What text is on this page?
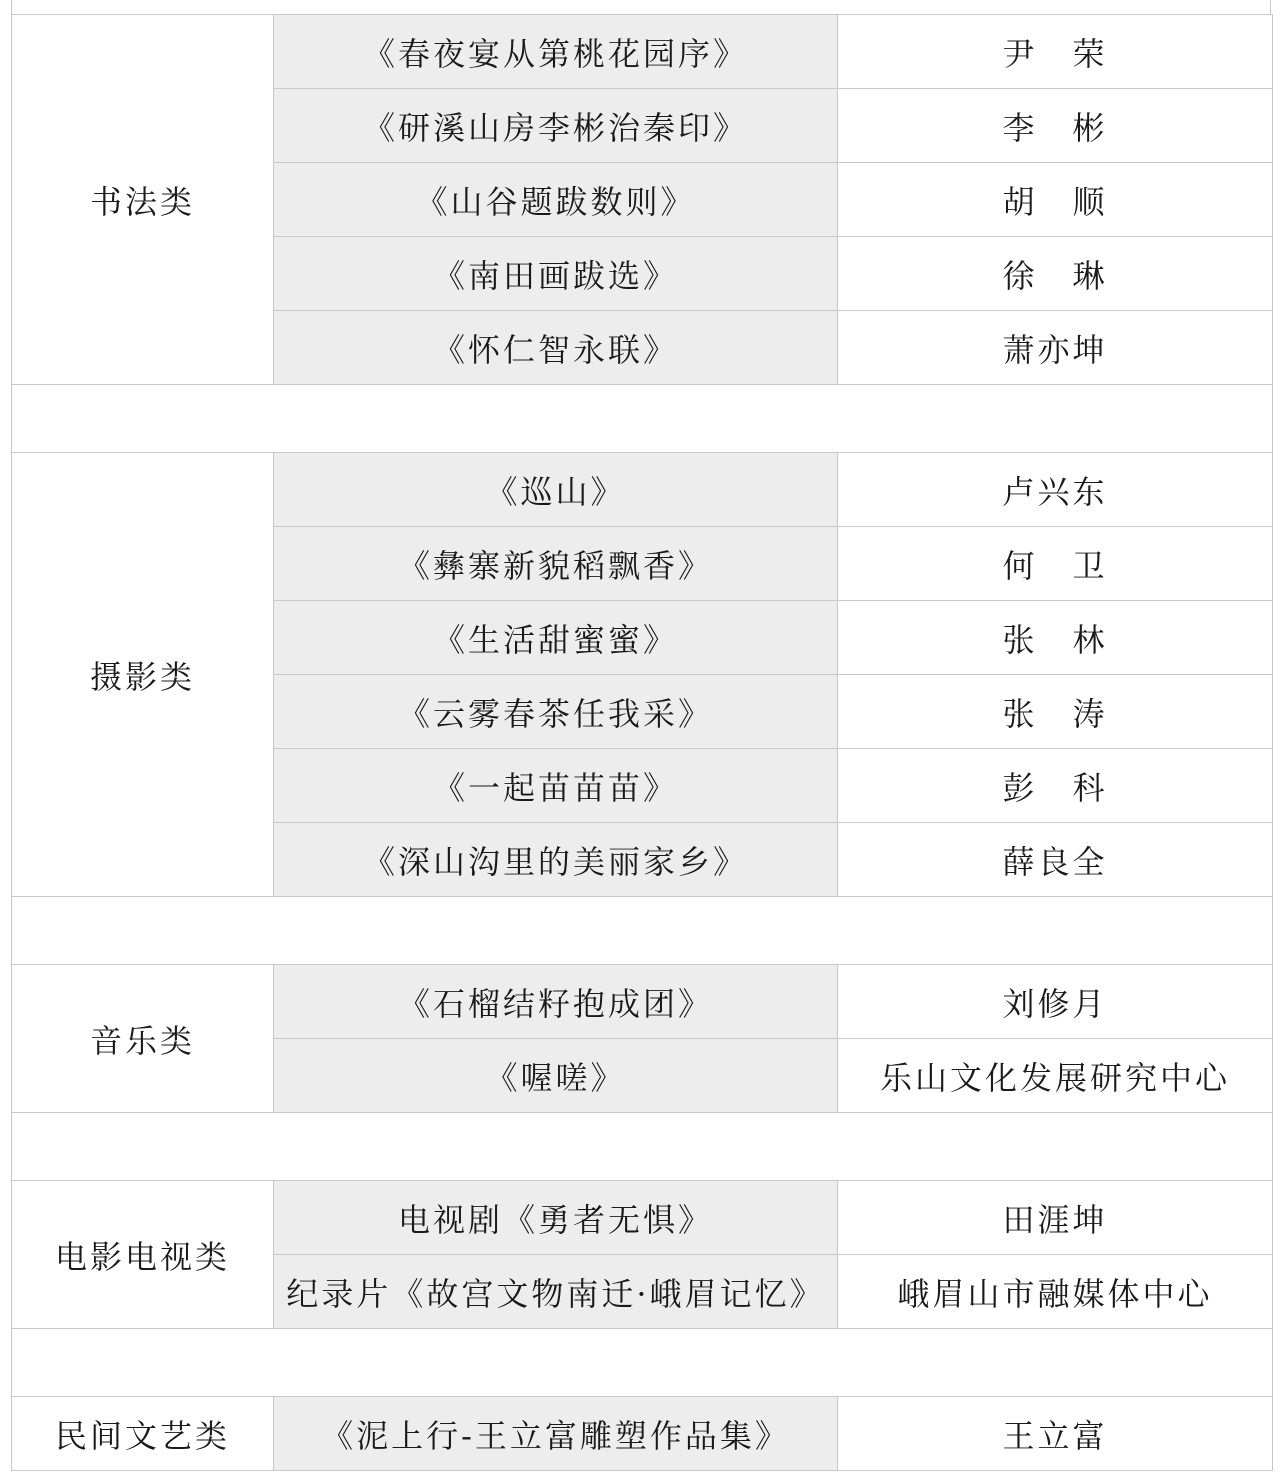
书法类	《春夜宴从第桃花园序》	尹　荣
	《研溪山房李彬治秦印》	李　彬
	《山谷题跋数则》	胡　顺
	《南田画跋选》	徐　琳
	《怀仁智永联》	萧亦坤

摄影类	《巡山》	卢兴东
	《彝寨新貌稻飘香》	何　卫
	《生活甜蜜蜜》	张　林
	《云雾春茶任我采》	张　涛
	《一起苗苗苗》	彭　科
	《深山沟里的美丽家乡》	薛良全

音乐类	《石榴结籽抱成团》	刘修月
	《喔嗟》	乐山文化发展研究中心

电影电视类	电视剧《勇者无惧》	田涯坤
	纪录片《故宫文物南迁·峨眉记忆》	峨眉山市融媒体中心

民间文艺类	《泥上行-王立富雕塑作品集》	王立富
